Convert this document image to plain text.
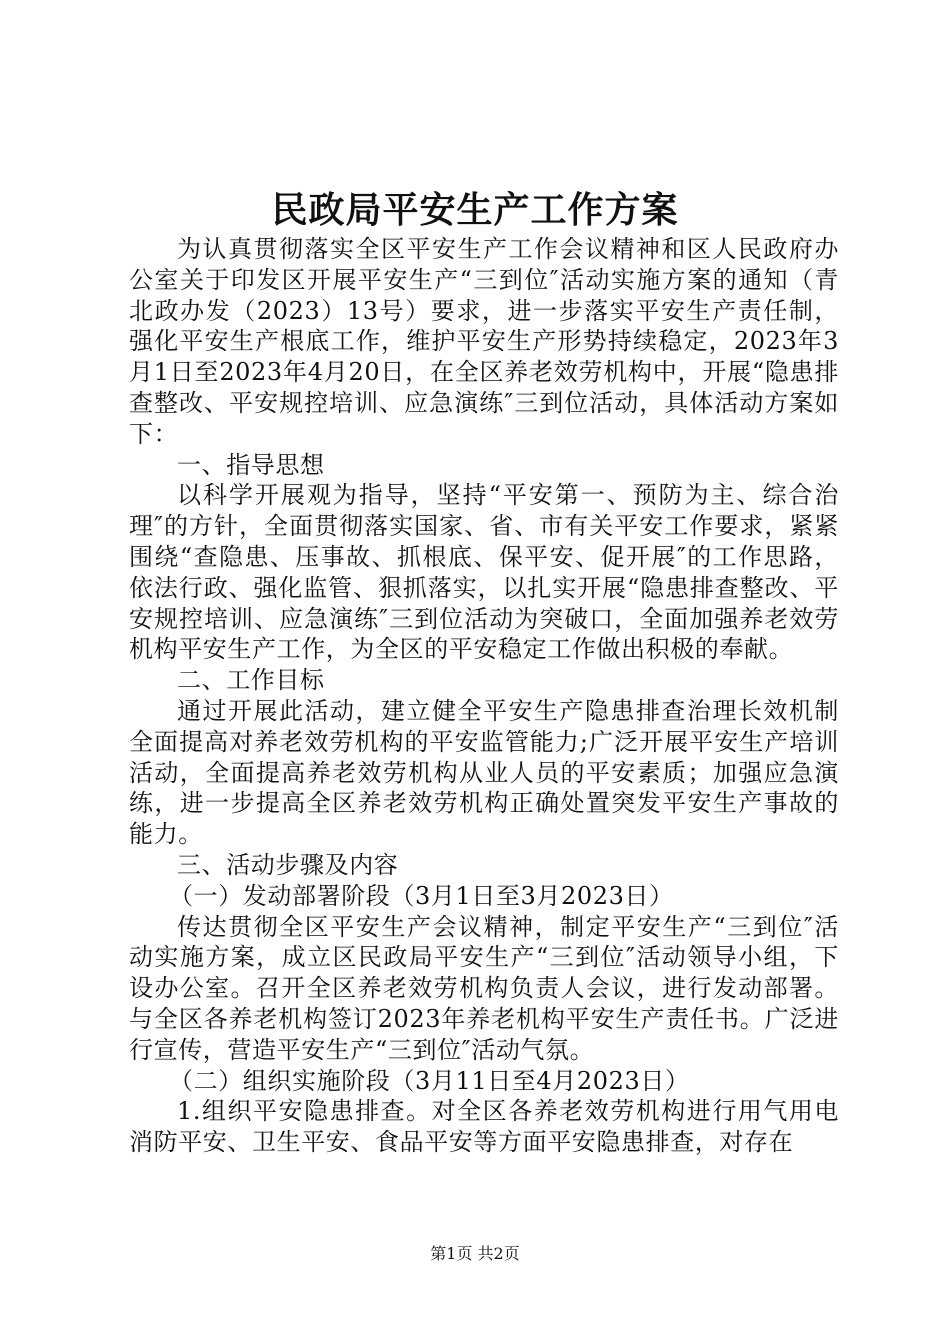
民政局平安生产工作方案

为认真贯彻落实全区平安生产工作会议精神和区人民政府办公室关于印发区开展平安生产“三到位″活动实施方案的通知（青北政办发（2023）13号）要求，进一步落实平安生产责任制，强化平安生产根底工作，维护平安生产形势持续稳定，2023年3月1日至2023年4月20日，在全区养老效劳机构中，开展“隐患排查整改、平安规控培训、应急演练″三到位活动，具体活动方案如下：

一、指导思想

以科学开展观为指导，坚持“平安第一、预防为主、综合治理″的方针，全面贯彻落实国家、省、市有关平安工作要求，紧紧围绕“查隐患、压事故、抓根底、保平安、促开展″的工作思路，依法行政、强化监管、狠抓落实，以扎实开展“隐患排查整改、平安规控培训、应急演练″三到位活动为突破口，全面加强养老效劳机构平安生产工作，为全区的平安稳定工作做出积极的奉献。

二、工作目标

通过开展此活动，建立健全平安生产隐患排查治理长效机制全面提高对养老效劳机构的平安监管能力;广泛开展平安生产培训活动，全面提高养老效劳机构从业人员的平安素质；加强应急演练，进一步提高全区养老效劳机构正确处置突发平安生产事故的能力。

三、活动步骤及内容

（一）发动部署阶段（3月1日至3月2023日）

传达贯彻全区平安生产会议精神，制定平安生产“三到位″活动实施方案，成立区民政局平安生产“三到位″活动领导小组，下设办公室。召开全区养老效劳机构负责人会议，进行发动部署。与全区各养老机构签订2023年养老机构平安生产责任书。广泛进行宣传，营造平安生产“三到位″活动气氛。

（二）组织实施阶段（3月11日至4月2023日）

1.组织平安隐患排查。对全区各养老效劳机构进行用气用电消防平安、卫生平安、食品平安等方面平安隐患排查，对存在

第1页 共2页
